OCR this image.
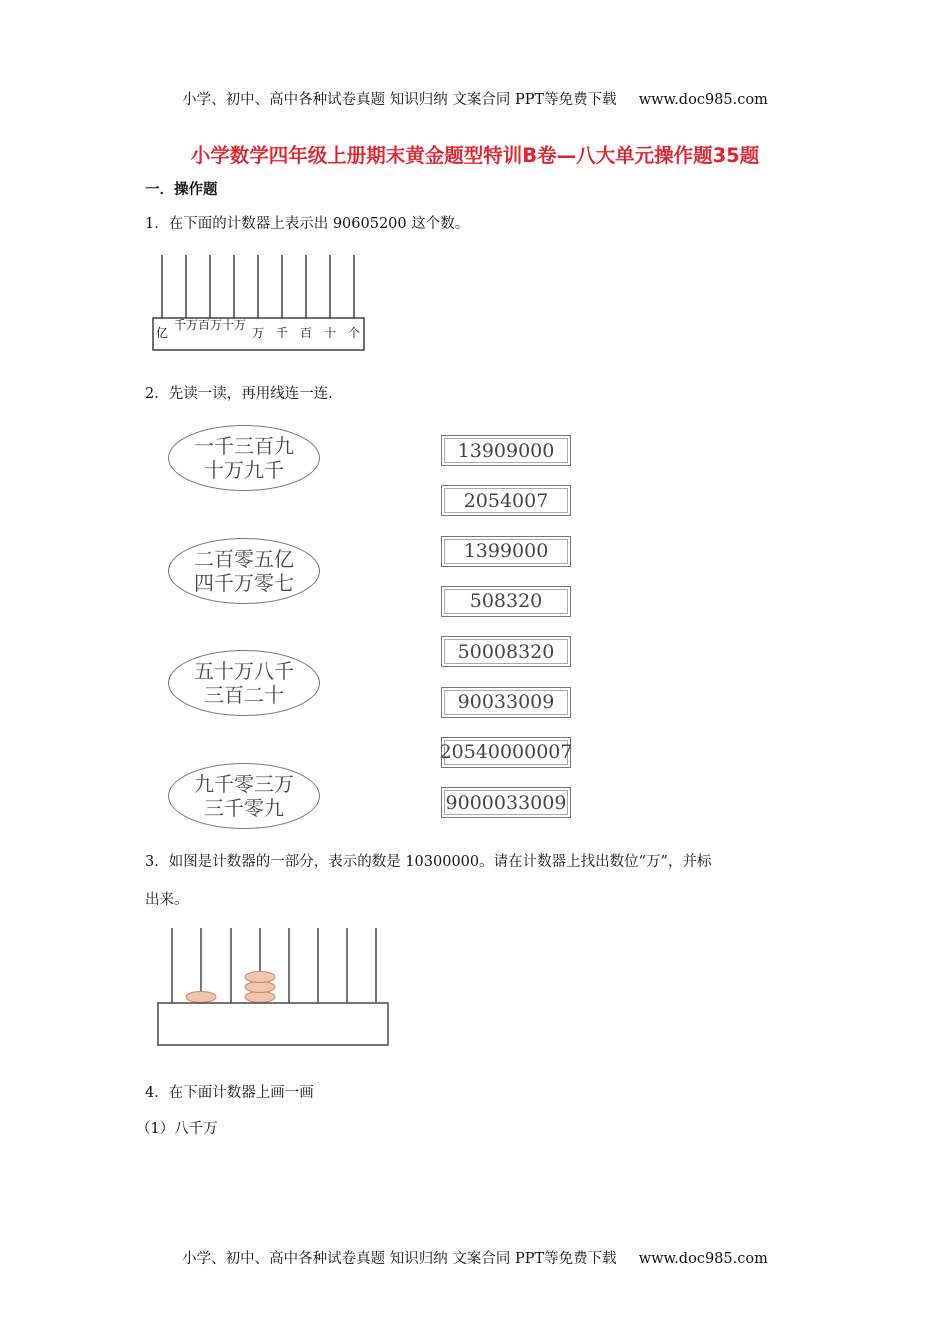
小学、初中、高中各种试卷真题 知识归纳 文案合同 PPT等免费下载 www.doc985.com
小学数学四年级上册期末黄金题型特训B卷—八大单元操作题35题
一．操作题
1．在下面的计数器上表示出 90605200 这个数。
亿
千万 百万 十万
万 千 百 十 个
2．先读一读，再用线连一连．
一千三百九
十万九千
二百零五亿
四千万零七
五十万八千
三百二十
九千零三万
三千零九
13909000
2054007
1399000
508320
50008320
90033009
20540000007
9000033009
3．如图是计数器的一部分，表示的数是 10300000。请在计数器上找出数位“万”，并标
出来。
4．在下面计数器上画一画
（1）八千万
小学、初中、高中各种试卷真题 知识归纳 文案合同 PPT等免费下载 www.doc985.com
